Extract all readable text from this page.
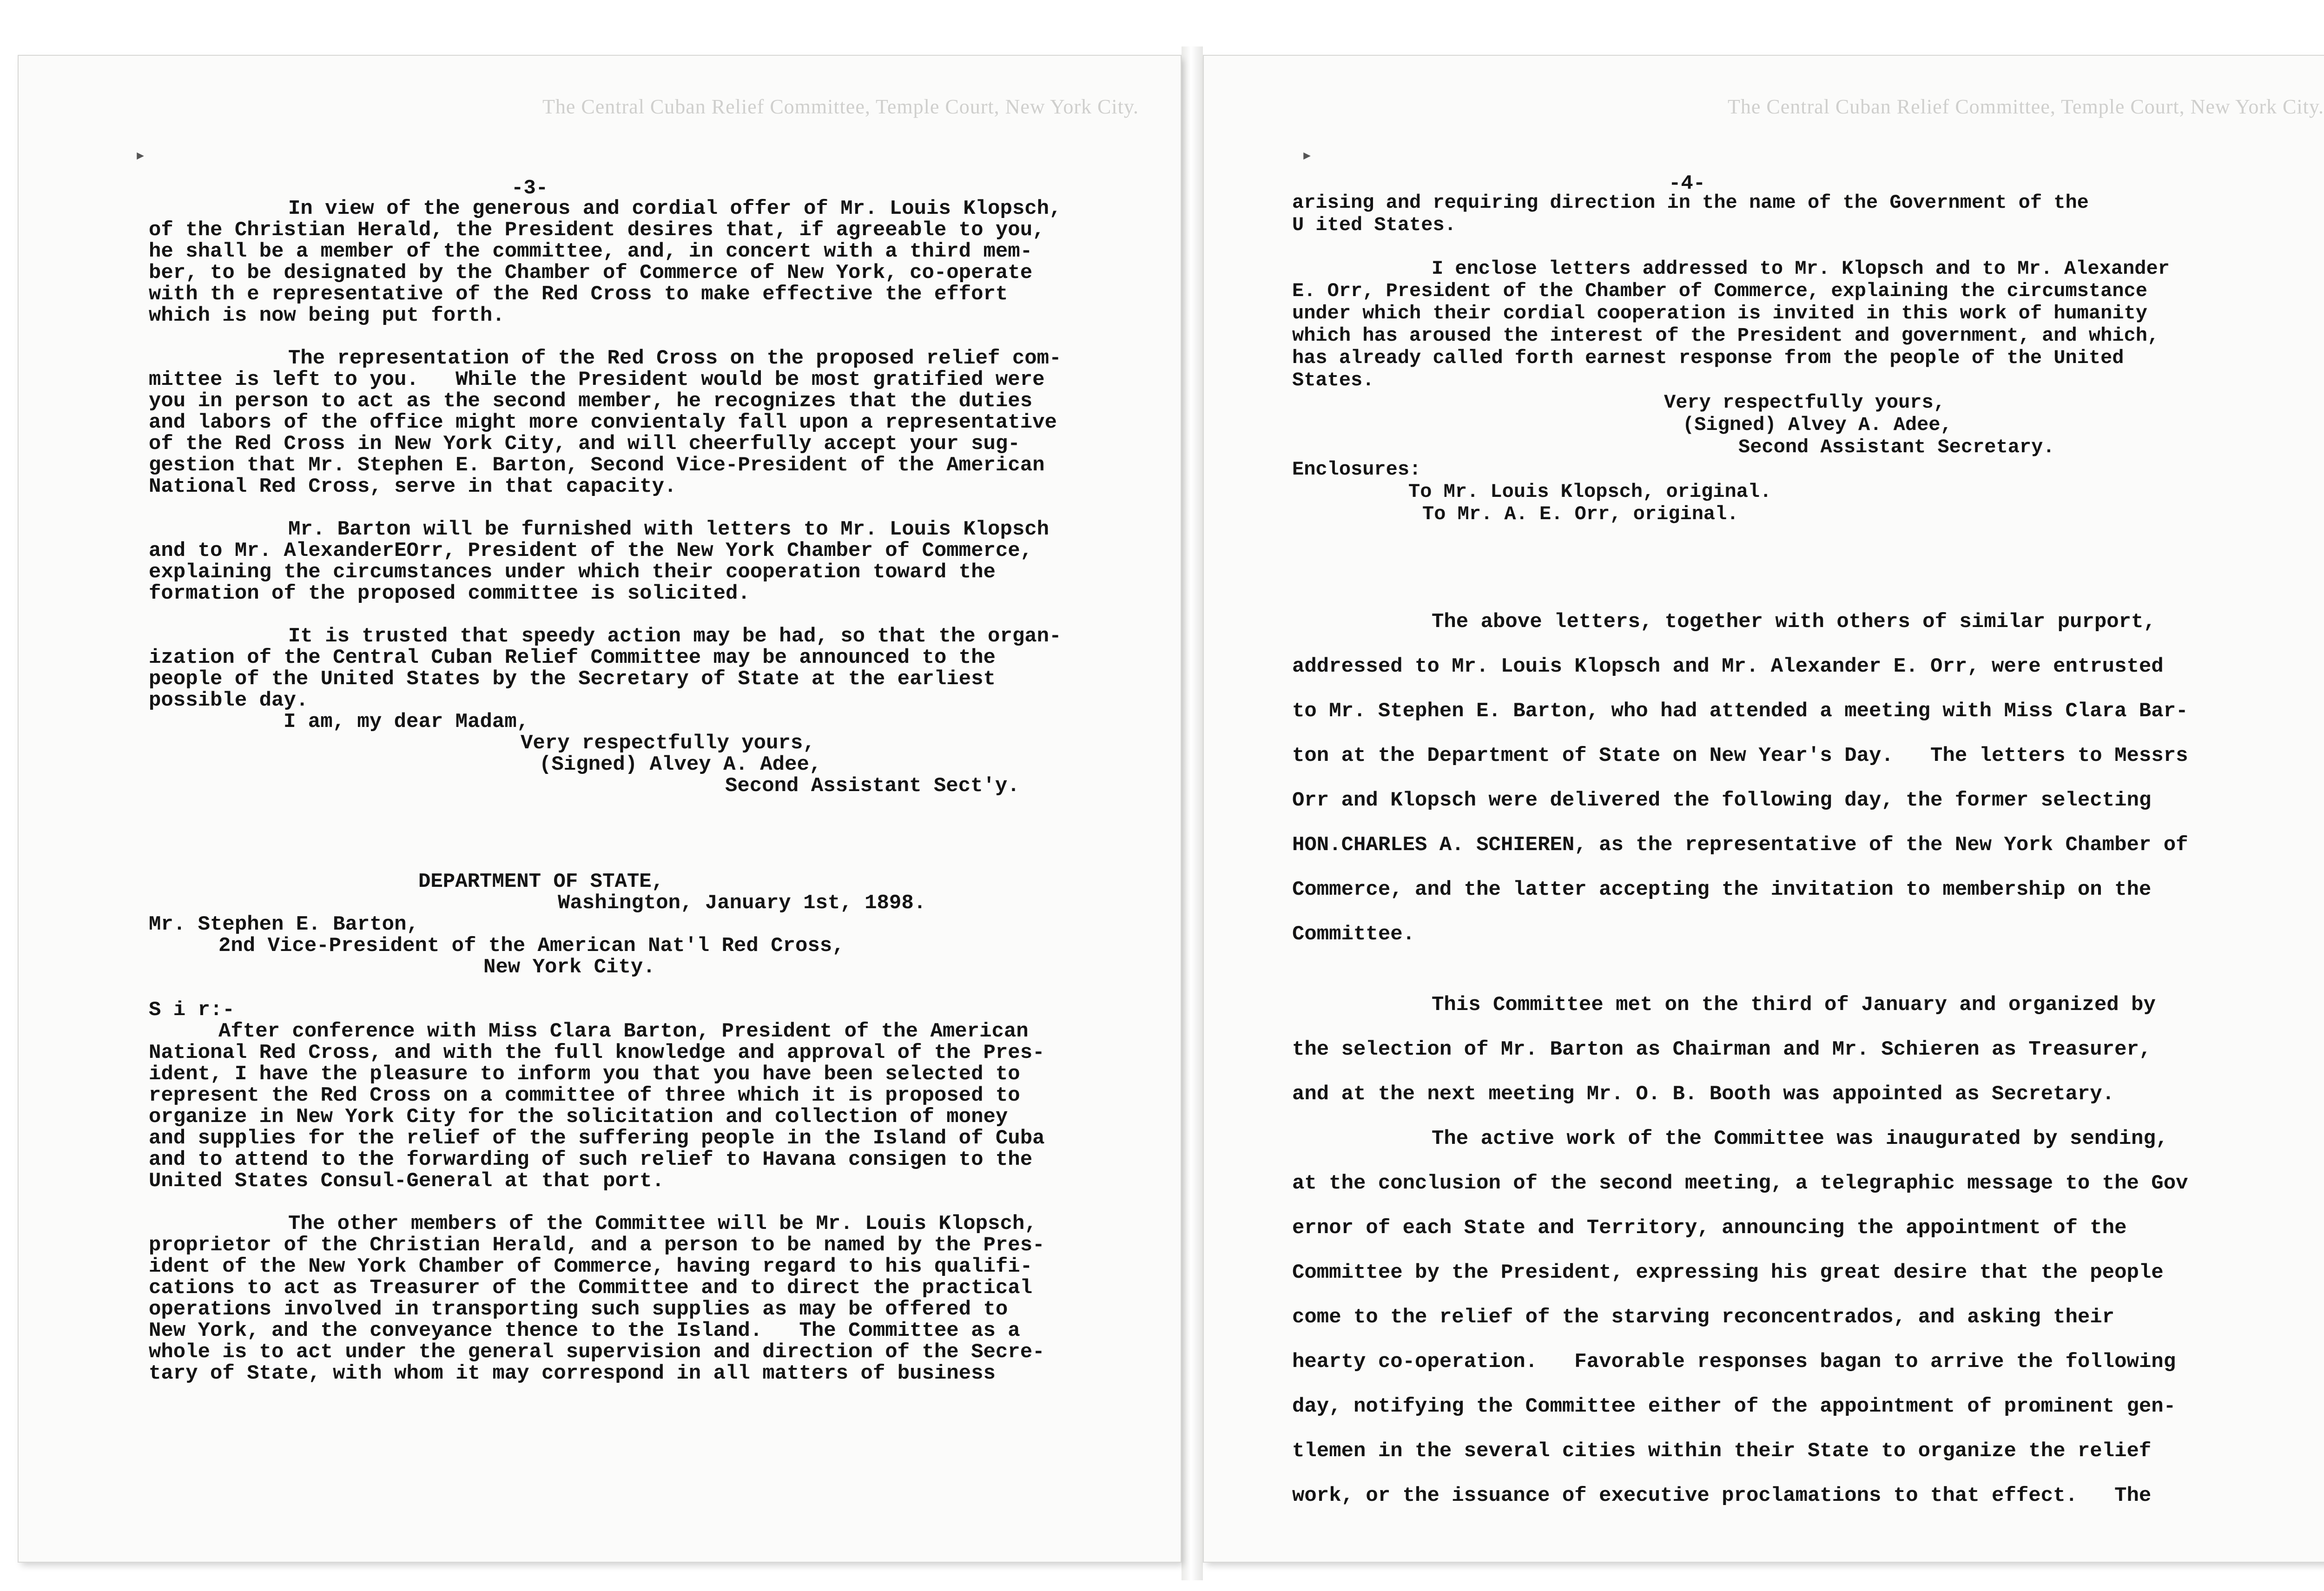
The Central Cuban Relief Committee, Temple Court, New York City.
▸
-3-

In view of the generous and cordial offer of Mr. Louis Klopsch,

of the Christian Herald, the President desires that, if agreeable to you,

he shall be a member of the committee, and, in concert with a third mem-

ber, to be designated by the Chamber of Commerce of New York, co-operate

with th e representative of the Red Cross to make effective the effort

which is now being put forth.

The representation of the Red Cross on the proposed relief com-

mittee is left to you.   While the President would be most gratified were

you in person to act as the second member, he recognizes that the duties

and labors of the office might more convientaly fall upon a representative

of the Red Cross in New York City, and will cheerfully accept your sug-

gestion that Mr. Stephen E. Barton, Second Vice-President of the American

National Red Cross, serve in that capacity.

Mr. Barton will be furnished with letters to Mr. Louis Klopsch

and to Mr. AlexanderEOrr, President of the New York Chamber of Commerce,

explaining the circumstances under which their cooperation toward the

formation of the proposed committee is solicited.

It is trusted that speedy action may be had, so that the organ-

ization of the Central Cuban Relief Committee may be announced to the

people of the United States by the Secretary of State at the earliest

possible day.

I am, my dear Madam,

Very respectfully yours,

(Signed) Alvey A. Adee,

Second Assistant Sect'y.

DEPARTMENT OF STATE,

Washington, January 1st, 1898.

Mr. Stephen E. Barton,

2nd Vice-President of the American Nat'l Red Cross,

New York City.

S i r:-

After conference with Miss Clara Barton, President of the American

National Red Cross, and with the full knowledge and approval of the Pres-

ident, I have the pleasure to inform you that you have been selected to

represent the Red Cross on a committee of three which it is proposed to

organize in New York City for the solicitation and collection of money

and supplies for the relief of the suffering people in the Island of Cuba

and to attend to the forwarding of such relief to Havana consigen to the

United States Consul-General at that port.

The other members of the Committee will be Mr. Louis Klopsch,

proprietor of the Christian Herald, and a person to be named by the Pres-

ident of the New York Chamber of Commerce, having regard to his qualifi-

cations to act as Treasurer of the Committee and to direct the practical

operations involved in transporting such supplies as may be offered to

New York, and the conveyance thence to the Island.   The Committee as a

whole is to act under the general supervision and direction of the Secre-

tary of State, with whom it may correspond in all matters of business

The Central Cuban Relief Committee, Temple Court, New York City.
▸
-4-

arising and requiring direction in the name of the Government of the

U ited States.

I enclose letters addressed to Mr. Klopsch and to Mr. Alexander

E. Orr, President of the Chamber of Commerce, explaining the circumstance

under which their cordial cooperation is invited in this work of humanity

which has aroused the interest of the President and government, and which,

has already called forth earnest response from the people of the United

States.

Very respectfully yours,

(Signed) Alvey A. Adee,

Second Assistant Secretary.

Enclosures:

To Mr. Louis Klopsch, original.

To Mr. A. E. Orr, original.

The above letters, together with others of similar purport,

addressed to Mr. Louis Klopsch and Mr. Alexander E. Orr, were entrusted

to Mr. Stephen E. Barton, who had attended a meeting with Miss Clara Bar-

ton at the Department of State on New Year's Day.   The letters to Messrs

Orr and Klopsch were delivered the following day, the former selecting

HON.CHARLES A. SCHIEREN, as the representative of the New York Chamber of

Commerce, and the latter accepting the invitation to membership on the

Committee.

This Committee met on the third of January and organized by

the selection of Mr. Barton as Chairman and Mr. Schieren as Treasurer,

and at the next meeting Mr. O. B. Booth was appointed as Secretary.

The active work of the Committee was inaugurated by sending,

at the conclusion of the second meeting, a telegraphic message to the Gov

ernor of each State and Territory, announcing the appointment of the

Committee by the President, expressing his great desire that the people

come to the relief of the starving reconcentrados, and asking their

hearty co-operation.   Favorable responses bagan to arrive the following

day, notifying the Committee either of the appointment of prominent gen-

tlemen in the several cities within their State to organize the relief

work, or the issuance of executive proclamations to that effect.   The
